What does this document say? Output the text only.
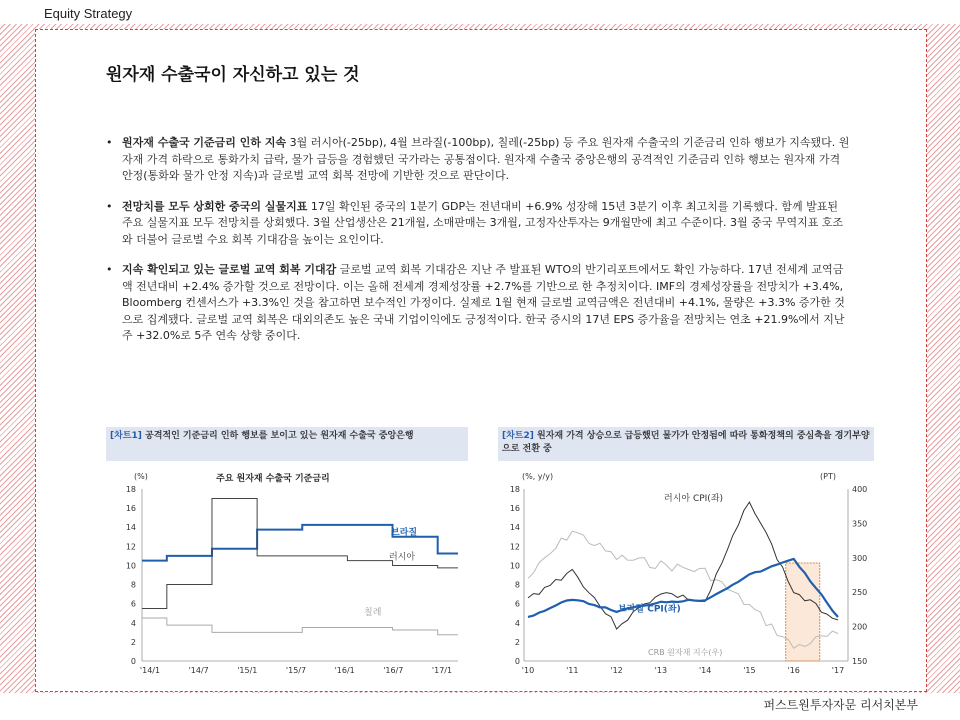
Equity Strategy
원자재 수출국이 자신하고 있는 것
• 원자재 수출국 기준금리 인하 지속 3월 러시아(-25bp), 4월 브라질(-100bp), 칠레(-25bp) 등 주요 원자재 수출국의 기준금리 인하 행보가 지속됐다. 원자재 가격 하락으로 통화가치 급락, 물가 급등을 경험했던 국가라는 공통점이다. 원자재 수출국 중앙은행의 공격적인 기준금리 인하 행보는 원자재 가격 안정(통화와 물가 안정 지속)과 글로벌 교역 회복 전망에 기반한 것으로 판단이다.
• 전망치를 모두 상회한 중국의 실물지표 17일 확인된 중국의 1분기 GDP는 전년대비 +6.9% 성장해 15년 3분기 이후 최고치를 기록했다. 함께 발표된 주요 실물지표 모두 전망치를 상회했다. 3월 산업생산은 21개월, 소매판매는 3개월, 고정자산투자는 9개월만에 최고 수준이다. 3월 중국 무역지표 호조와 더불어 글로벌 수요 회복 기대감을 높이는 요인이다.
• 지속 확인되고 있는 글로벌 교역 회복 기대감 글로벌 교역 회복 기대감은 지난 주 발표된 WTO의 반기리포트에서도 확인 가능하다. 17년 전세계 교역금액 전년대비 +2.4% 증가할 것으로 전망이다. 이는 올해 전세계 경제성장률 +2.7%를 기반으로 한 추정치이다. IMF의 경제성장률을 전망치가 +3.4%, Bloomberg 컨센서스가 +3.3%인 것을 참고하면 보수적인 가정이다. 실제로 1월 현재 글로벌 교역금액은 전년대비 +4.1%, 물량은 +3.3% 증가한 것으로 집계됐다. 글로벌 교역 회복은 대외의존도 높은 국내 기업이익에도 긍정적이다. 한국 증시의 17년 EPS 증가율을 전망치는 연초 +21.9%에서 지난 주 +32.0%로 5주 연속 상향 중이다.
[차트1] 공격적인 기준금리 인하 행보를 보이고 있는 원자재 수출국 중앙은행
(%)	주요 원자재 수출국 기준금리
18
16
14
12
10
8
6
4
2
0
'14/1	'14/7	'15/1	'15/7	'16/1	'16/7	'17/1
브라질
러시아
칠레
[차트2] 원자재 가격 상승으로 급등했던 물가가 안정됨에 따라 통화정책의 중심축을 경기부양으로 전환 중
(%, y/y)	(PT)
18
16
14
12
10
8
6
4
2
0
400
350
300
250
200
150
'10	'11	'12	'13	'14	'15	'16	'17
러시아 CPI(좌)
브라질 CPI(좌)
CRB 원자재 지수(우)
퍼스트원투자자문 리서치본부
